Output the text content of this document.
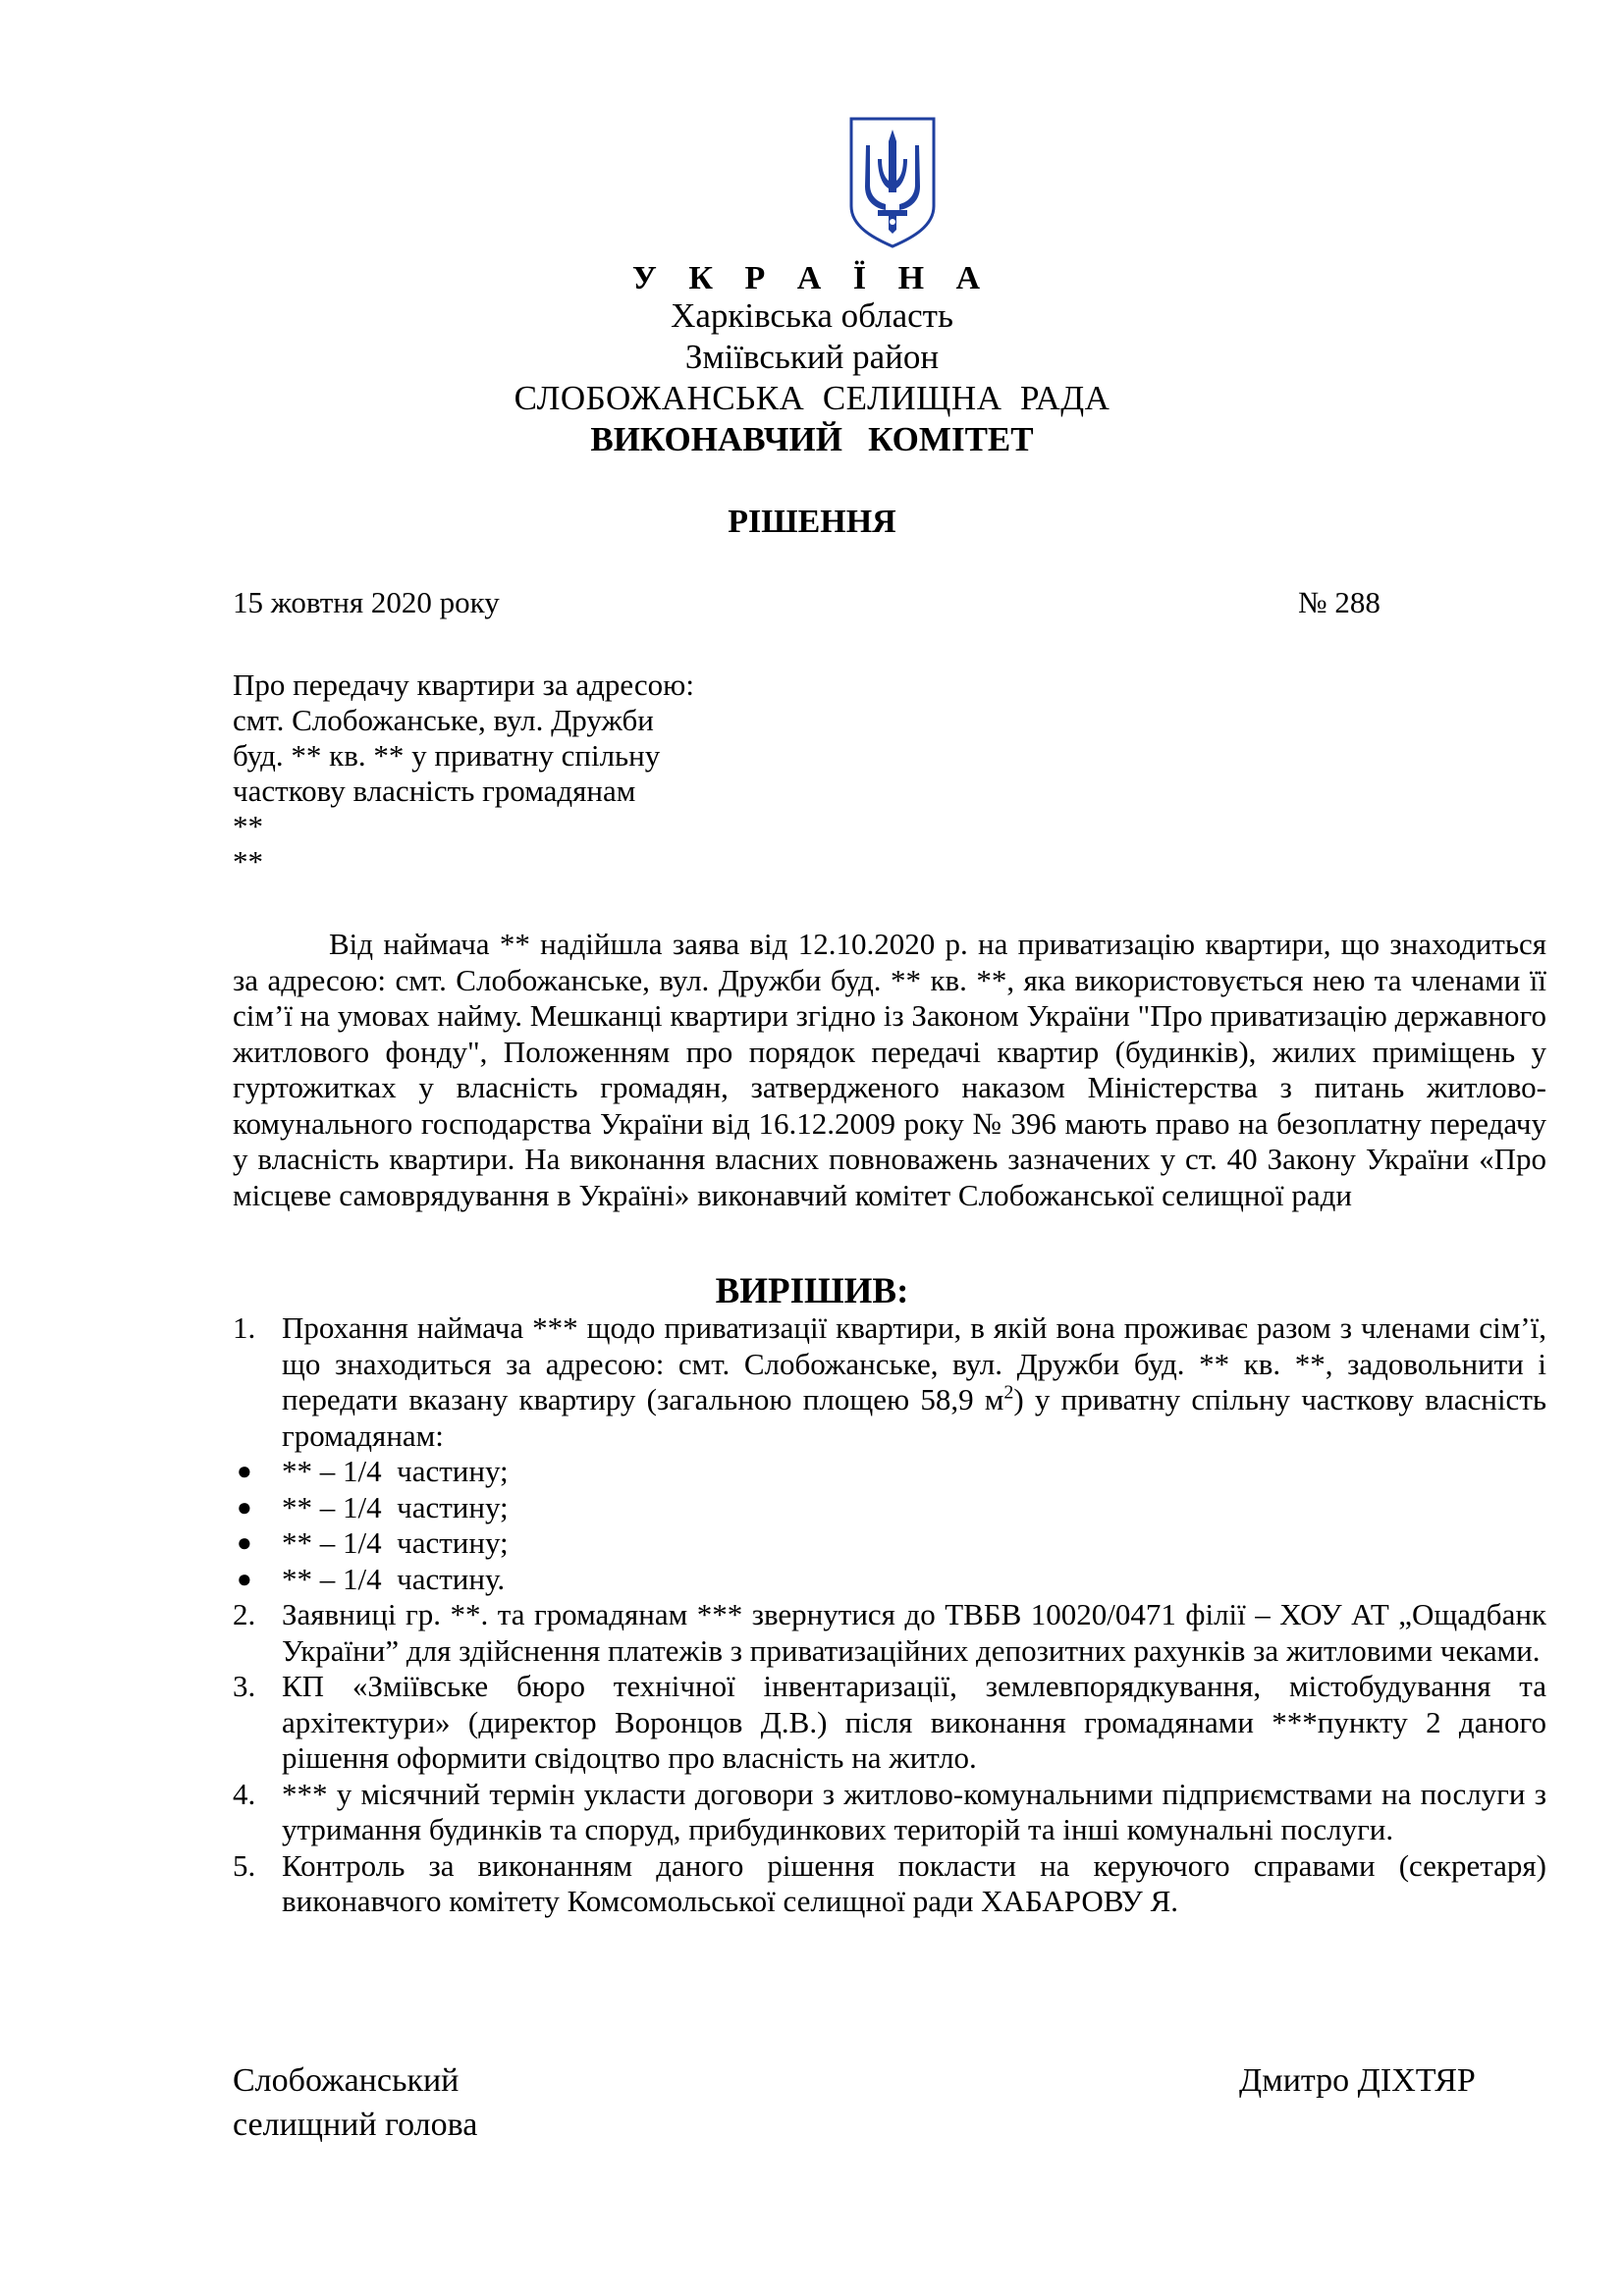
У К Р А Ї Н А
Харківська область
Зміївський район
СЛОБОЖАНСЬКА  СЕЛИЩНА  РАДА
ВИКОНАВЧИЙ   КОМІТЕТ
РІШЕННЯ
15 жовтня 2020 року	№ 288
Про передачу квартири за адресою:
смт. Слобожанське, вул. Дружби
буд. ** кв. ** у приватну спільну
часткову власність громадянам
**
**

Від наймача ** надійшла заява від 12.10.2020 р. на приватизацію квартири, що знаходиться за адресою: смт. Слобожанське, вул. Дружби буд. ** кв. **, яка використовується нею та членами її сім’ї на умовах найму. Мешканці квартири згідно із Законом України "Про приватизацію державного житлового фонду", Положенням про порядок передачі квартир (будинків), жилих приміщень у гуртожитках у власність громадян, затвердженого наказом Міністерства з питань житлово-комунального господарства України від 16.12.2009 року № 396 мають право на безоплатну передачу у власність квартири. На виконання власних повноважень зазначених у ст. 40 Закону України «Про місцеве самоврядування в Україні» виконавчий комітет Слобожанської селищної ради

ВИРІШИВ:
1. Прохання наймача *** щодо приватизації квартири, в якій вона проживає разом з членами сім’ї, що знаходиться за адресою: смт. Слобожанське, вул. Дружби буд. ** кв. **, задовольнити і передати вказану квартиру (загальною площею 58,9 $м^2$) у приватну спільну часткову власність громадянам:
● ** – 1/4  частину;
● ** – 1/4  частину;
● ** – 1/4  частину;
● ** – 1/4  частину.
2. Заявниці гр. **. та громадянам *** звернутися до ТВБВ 10020/0471 філії – ХОУ АТ „Ощадбанк України” для здійснення платежів з приватизаційних депозитних рахунків за житловими чеками.
3. КП «Зміївське бюро технічної інвентаризації, землевпорядкування, містобудування та архітектури» (директор Воронцов Д.В.) після виконання громадянами ***пункту 2 даного рішення оформити свідоцтво про власність на житло.
4. *** у місячний термін укласти договори з житлово-комунальними підприємствами на послуги з утримання будинків та споруд, прибудинкових територій та інші комунальні послуги.
5. Контроль за виконанням даного рішення покласти на керуючого справами (секретаря) виконавчого комітету Комсомольської селищної ради ХАБАРОВУ Я.
Слобожанський
селищний голова
Дмитро ДІХТЯР
